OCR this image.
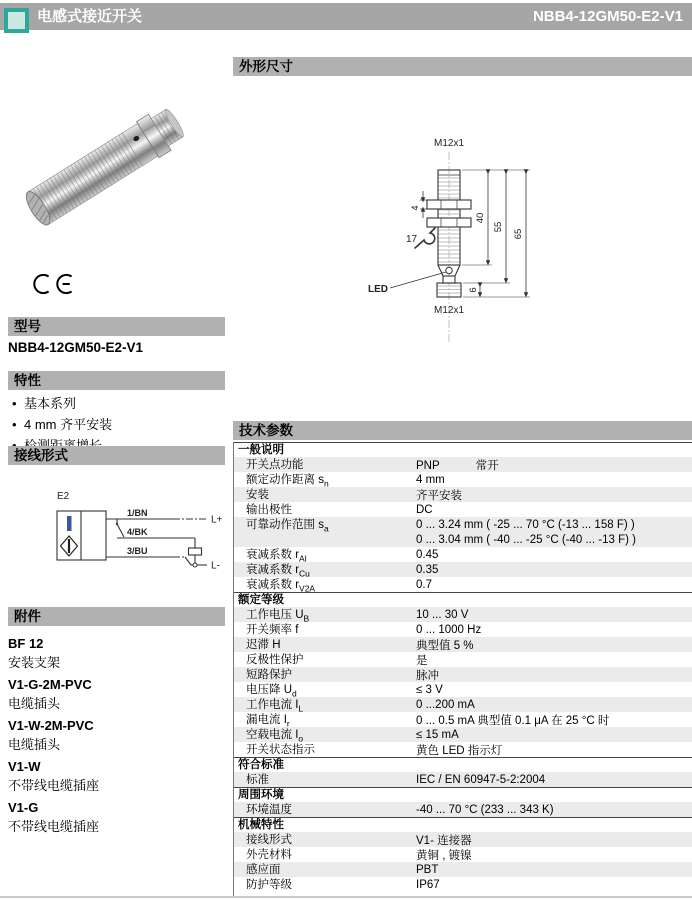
电感式接近开关	NBB4-12GM50-E2-V1
型号
NBB4-12GM50-E2-V1
特性
• 基本系列
• 4 mm 齐平安装
接线形式
E2
1/BN
4/BK
3/BU
L+
L-
附件
BF 12
安装支架
V1-G-2M-PVC
电缆插头
V1-W-2M-PVC
电缆插头
V1-W
不带线电缆插座
V1-G
不带线电缆插座
外形尺寸
M12x1
4
17
LED
M12x1
40
55
65
6
技术参数
一般说明
开关点功能	PNP	常开
额定动作距离 $s_n$	4 mm
安装	齐平安装
输出极性	DC
可靠动作范围 $s_a$	0 ... 3.24 mm ( -25 ... 70 °C (-13 ... 158 F) )
0 ... 3.04 mm ( -40 ... -25 °C (-40 ... -13 F) )
衰减系数 $r_{Al}$	0.45
衰减系数 $r_{Cu}$	0.35
衰减系数 $r_{V2A}$	0.7
额定等级
工作电压 $U_B$	10 ... 30 V
开关频率 f	0 ... 1000 Hz
迟滞 H	典型值 5 %
反极性保护	是
短路保护	脉冲
电压降 $U_d$	≤ 3 V
工作电流 $I_L$	0 ...200 mA
漏电流 $I_r$	0 ... 0.5 mA 典型值 0.1 μA 在 25 °C 时
空载电流 $I_o$	≤ 15 mA
开关状态指示	黄色 LED 指示灯
符合标准
标准	IEC / EN 60947-5-2:2004
周围环境
环境温度	-40 ... 70 °C (233 ... 343 K)
机械特性
接线形式	V1- 连接器
外壳材料	黄铜 , 镀镍
感应面	PBT
防护等级	IP67
